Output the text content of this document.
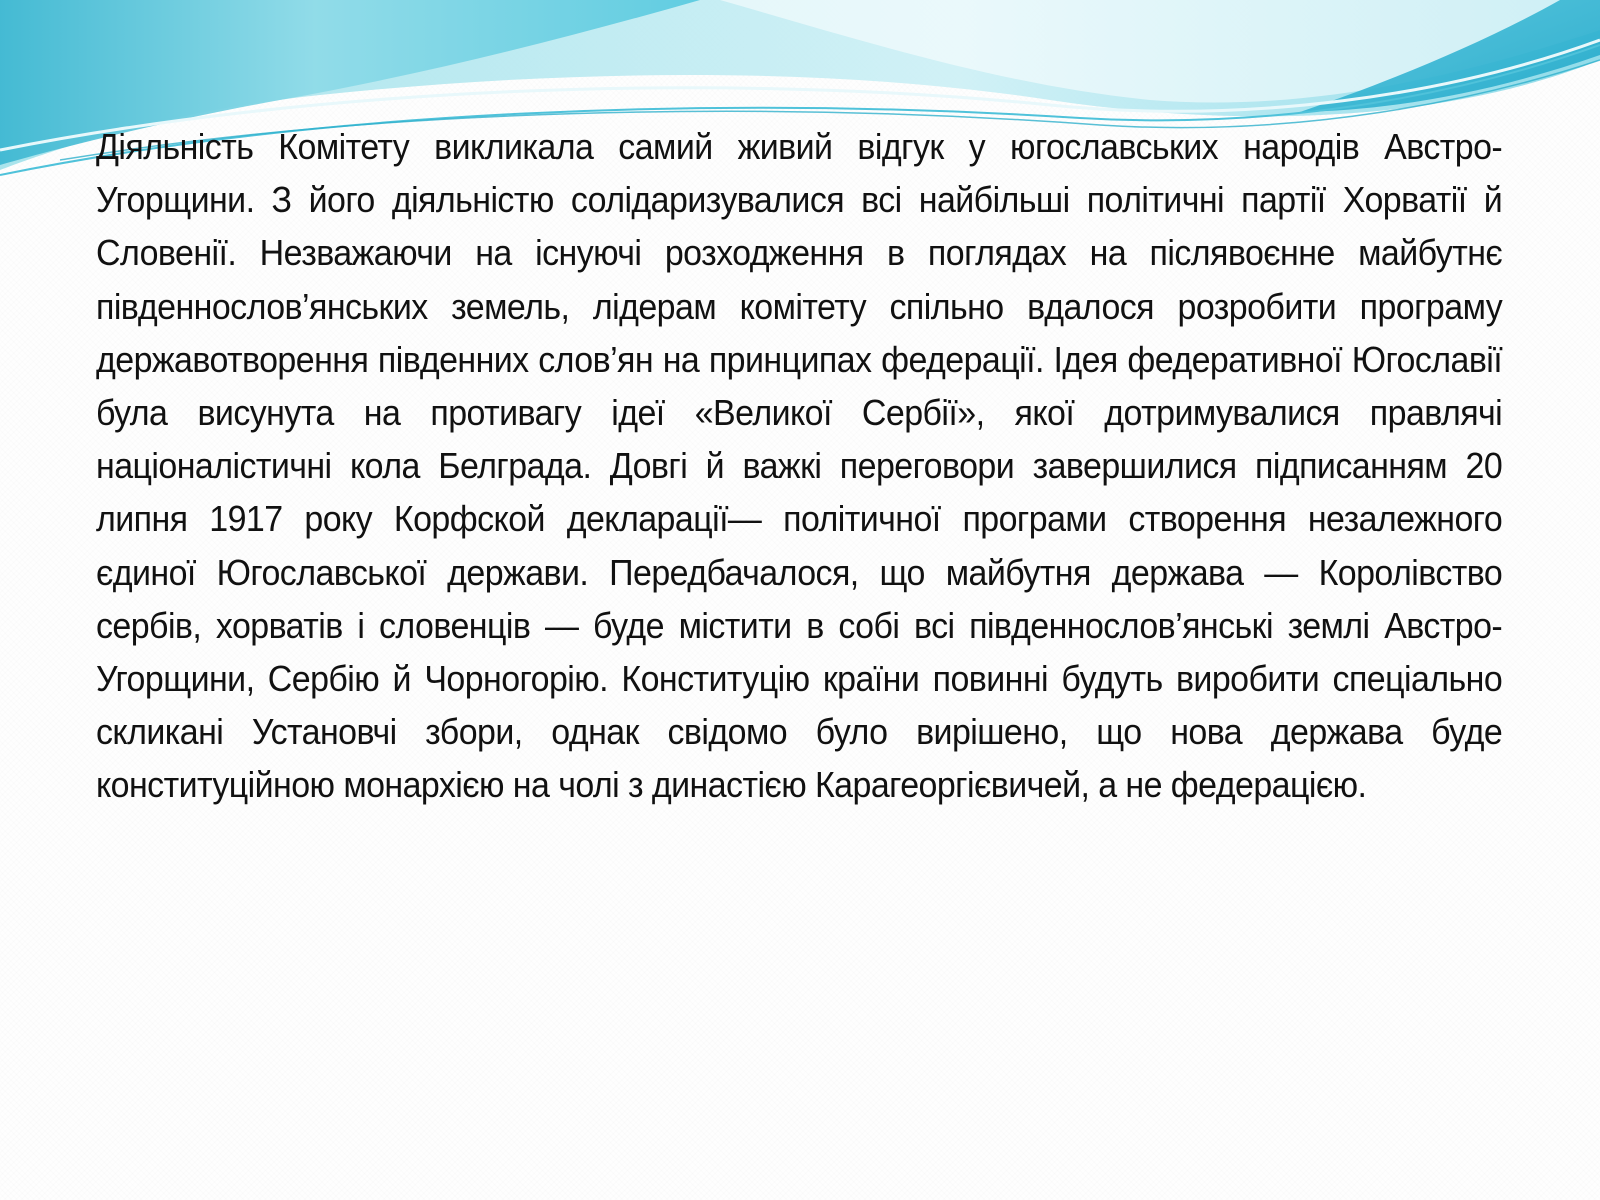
Діяльність Комітету викликала самий живий відгук у югославських народів Австро-Угорщини. З його діяльністю солідаризувалися всі найбільші політичні партії Хорватії й Словенії. Незважаючи на існуючі розходження в поглядах на післявоєнне майбутнє південнослов’янських земель, лідерам комітету спільно вдалося розробити програму державотворення південних слов’ян на принципах федерації. Ідея федеративної Югославії була висунута на противагу ідеї «Великої Сербії», якої дотримувалися правлячі націоналістичні кола Белграда. Довгі й важкі переговори завершилися підписанням 20 липня 1917 року Корфской декларації— політичної програми створення незалежного єдиної Югославської держави. Передбачалося, що майбутня держава — Королівство сербів, хорватів і словенців — буде містити в собі всі південнослов’янські землі Австро-Угорщини, Сербію й Чорногорію. Конституцію країни повинні будуть виробити спеціально скликані Установчі збори, однак свідомо було вирішено, що нова держава буде конституційною монархією на чолі з династією Карагеоргієвичей, а не федерацією.
